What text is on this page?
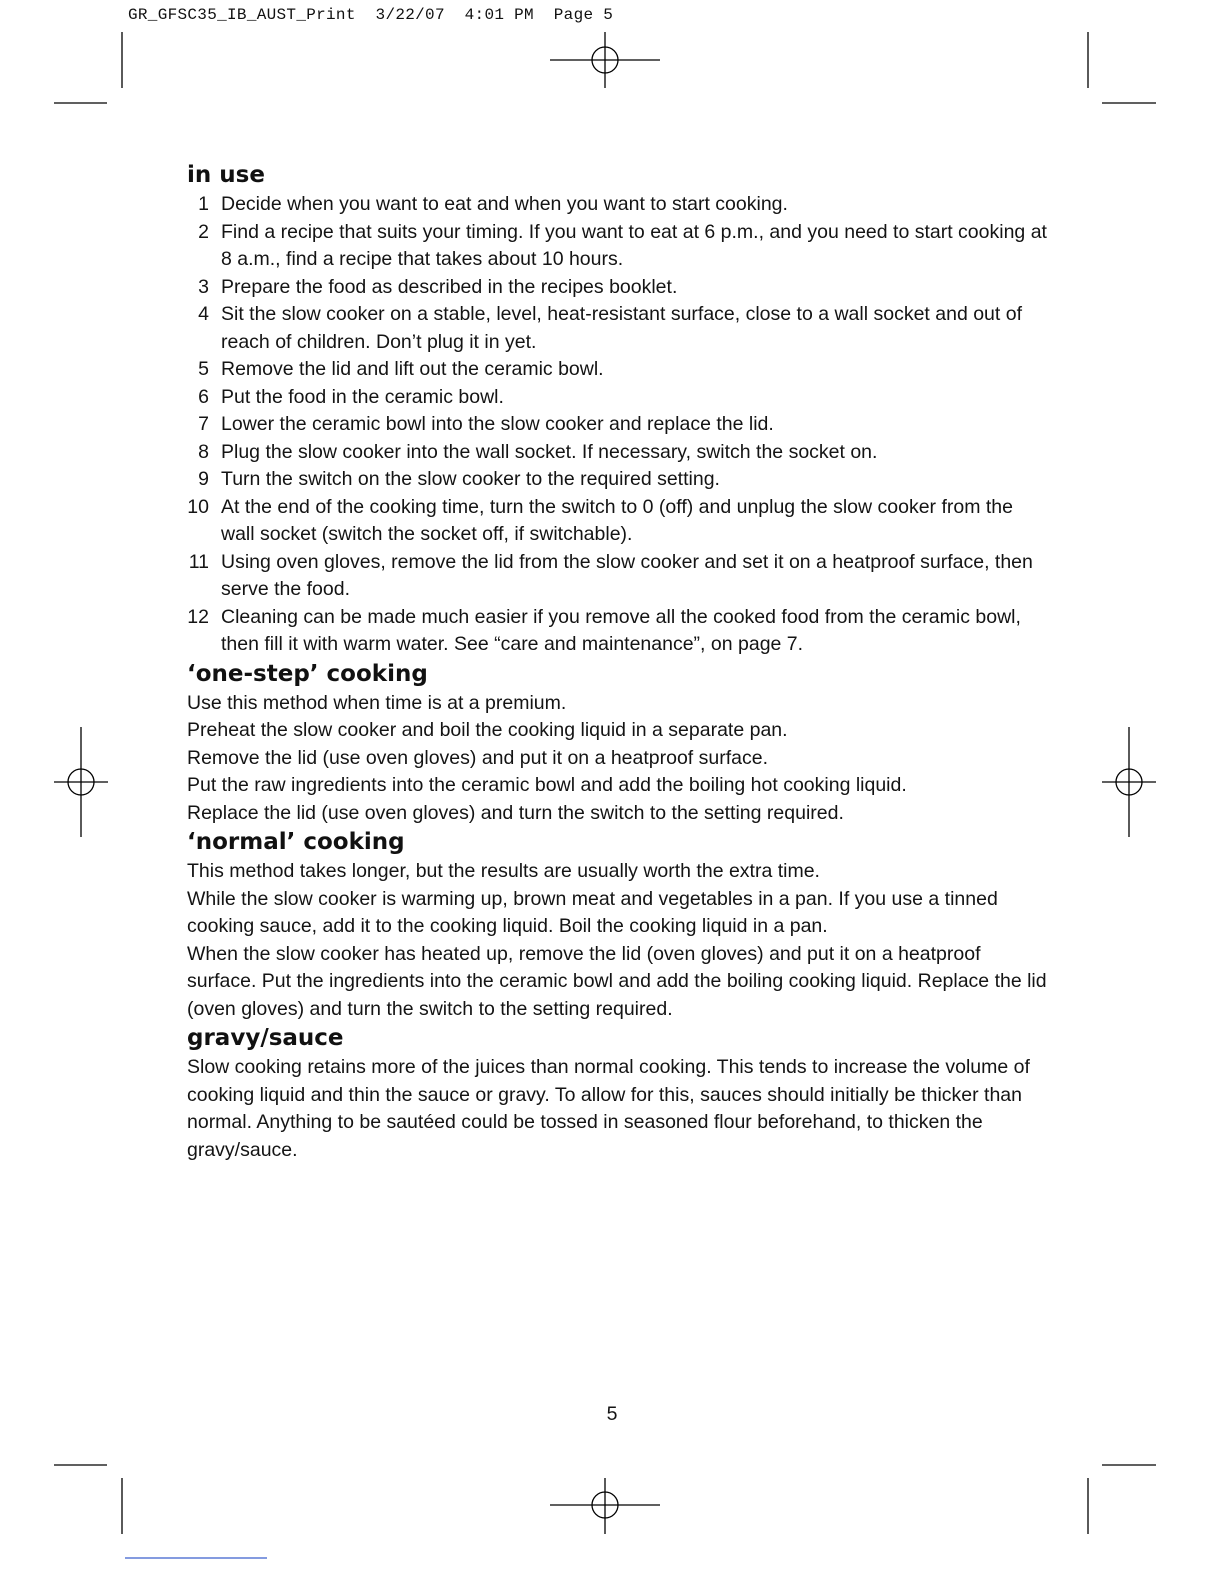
GR_GFSC35_IB_AUST_Print  3/22/07  4:01 PM  Page 5
in use
1 Decide when you want to eat and when you want to start cooking.
2 Find a recipe that suits your timing. If you want to eat at 6 p.m., and you need to start cooking at 8 a.m., find a recipe that takes about 10 hours.
3 Prepare the food as described in the recipes booklet.
4 Sit the slow cooker on a stable, level, heat-resistant surface, close to a wall socket and out of reach of children. Don’t plug it in yet.
5 Remove the lid and lift out the ceramic bowl.
6 Put the food in the ceramic bowl.
7 Lower the ceramic bowl into the slow cooker and replace the lid.
8 Plug the slow cooker into the wall socket. If necessary, switch the socket on.
9 Turn the switch on the slow cooker to the required setting.
10 At the end of the cooking time, turn the switch to 0 (off) and unplug the slow cooker from the wall socket (switch the socket off, if switchable).
11 Using oven gloves, remove the lid from the slow cooker and set it on a heatproof surface, then serve the food.
12 Cleaning can be made much easier if you remove all the cooked food from the ceramic bowl, then fill it with warm water. See “care and maintenance”, on page 7.
‘one-step’ cooking

Use this method when time is at a premium.

Preheat the slow cooker and boil the cooking liquid in a separate pan.

Remove the lid (use oven gloves) and put it on a heatproof surface.

Put the raw ingredients into the ceramic bowl and add the boiling hot cooking liquid.

Replace the lid (use oven gloves) and turn the switch to the setting required.

‘normal’ cooking

This method takes longer, but the results are usually worth the extra time.

While the slow cooker is warming up, brown meat and vegetables in a pan. If you use a tinned cooking sauce, add it to the cooking liquid. Boil the cooking liquid in a pan.

When the slow cooker has heated up, remove the lid (oven gloves) and put it on a heatproof surface. Put the ingredients into the ceramic bowl and add the boiling cooking liquid. Replace the lid (oven gloves) and turn the switch to the setting required.

gravy/sauce

Slow cooking retains more of the juices than normal cooking. This tends to increase the volume of cooking liquid and thin the sauce or gravy. To allow for this, sauces should initially be thicker than normal. Anything to be sautéed could be tossed in seasoned flour beforehand, to thicken the gravy/sauce.

5
